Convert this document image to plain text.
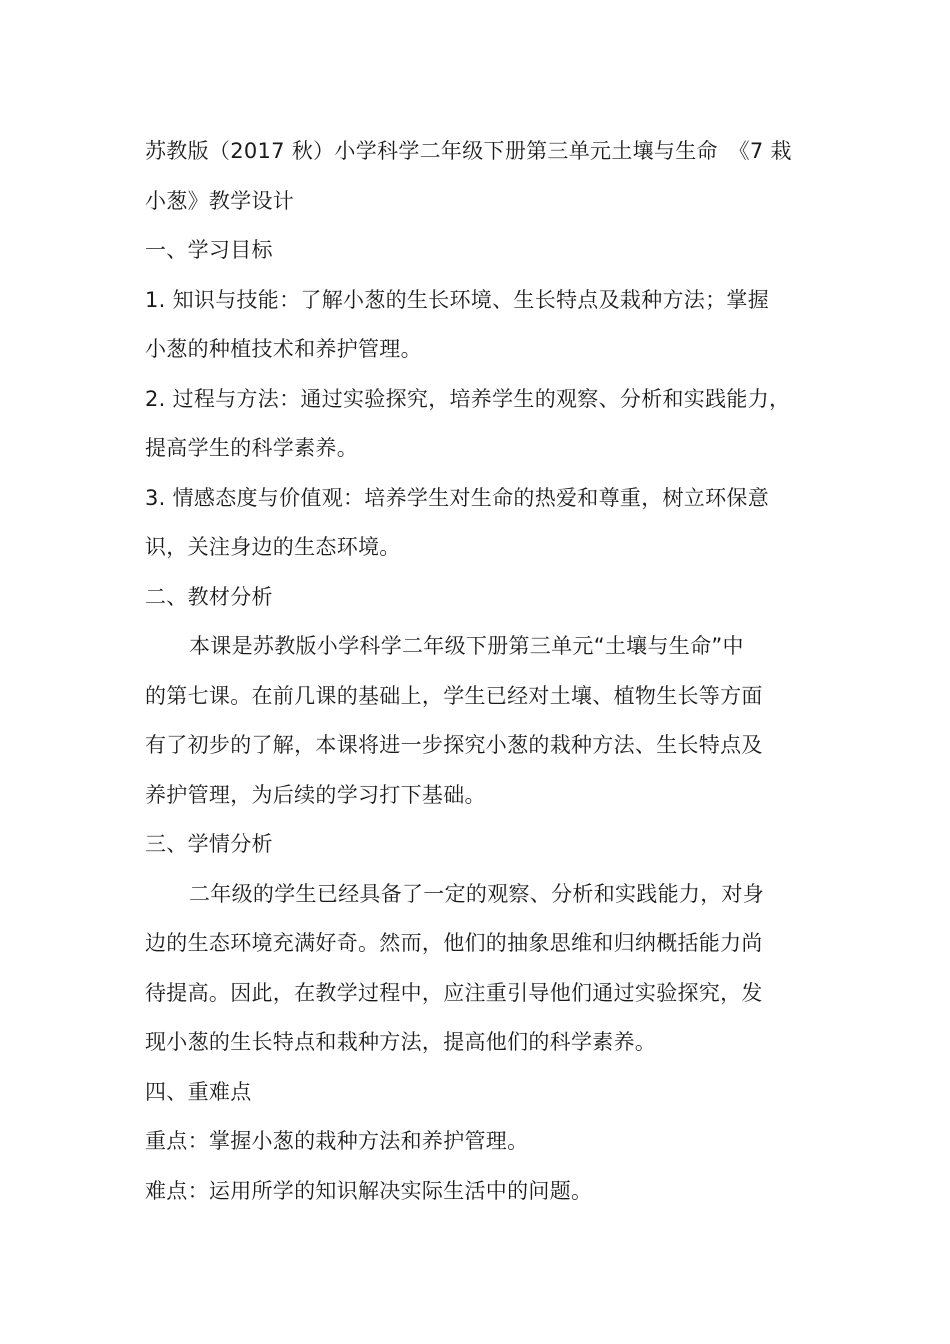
苏教版（2017 秋）小学科学二年级下册第三单元土壤与生命　《7 栽
小葱》教学设计
一、学习目标
1. 知识与技能：了解小葱的生长环境、生长特点及栽种方法；掌握
小葱的种植技术和养护管理。
2. 过程与方法：通过实验探究，培养学生的观察、分析和实践能力，
提高学生的科学素养。
3. 情感态度与价值观：培养学生对生命的热爱和尊重，树立环保意
识，关注身边的生态环境。
二、教材分析
本课是苏教版小学科学二年级下册第三单元“土壤与生命”中
的第七课。在前几课的基础上，学生已经对土壤、植物生长等方面
有了初步的了解，本课将进一步探究小葱的栽种方法、生长特点及
养护管理，为后续的学习打下基础。
三、学情分析
二年级的学生已经具备了一定的观察、分析和实践能力，对身
边的生态环境充满好奇。然而，他们的抽象思维和归纳概括能力尚
待提高。因此，在教学过程中，应注重引导他们通过实验探究，发
现小葱的生长特点和栽种方法，提高他们的科学素养。
四、重难点
重点：掌握小葱的栽种方法和养护管理。
难点：运用所学的知识解决实际生活中的问题。
